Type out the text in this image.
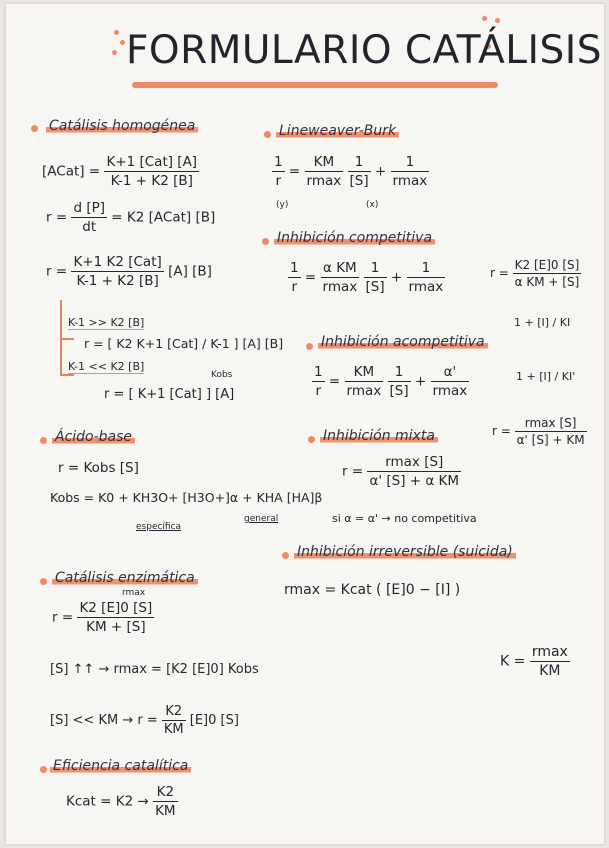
FORMULARIO CATÁLISIS
Catálisis homogénea
[ACat] = $\frac{\text{K+1 [Cat] [A]}}{K-1 + K2 [B]}$
$r = \frac{d [P]}{dt} = K2$ [ACat] [B]
$r = \frac{\text{K+1 K2 [Cat]}}{K-1 + K2 [B]} [A]$ [B]
K-1 >> K2 [B]
r = [ K2 K+1 [Cat] / K-1 ] [A] [B]
K-1 << K2 [B]
Kobs
r = [ K+1 [Cat] ] [A]
Ácido-base
r = Kobs [S]
Kobs = K0 + KH3O+ [H3O+]α + KHA [HA]β
específica
general
Catálisis enzimática
rmax
$r = \frac{K2 [E]0 [S]}{KM + [S]}$
[S] ↑↑ → rmax = [K2 [E]0] Kobs
[S] << KM → $r = \frac{K2}{KM} [E]0$ [S]
Eficiencia catalítica
Kcat = $K2 \to \frac{K2}{KM}$
Lineweaver-Burk
$\frac{1}{r} = \frac{KM}{rmax}$
$\frac{1}{[S]} + \frac{1}{rmax}$
(y)	(x)
Inhibición competitiva
$\frac{1}{r} = \frac{\text{α KM}}{rmax}$
$\frac{1}{[S]} + \frac{1}{rmax}$	$r = \frac{K2 [E]0 [S]}{\text{α KM + [S]}}$
1 + [I] / KI
Inhibición acompetitiva
$\frac{1}{r} = \frac{KM}{rmax}$
$\frac{1}{[S]} + \frac{\alpha'}{rmax}$	1 + [I] / KI'
Inhibición mixta
$r = \frac{rmax [S]}{\text{α' [S] + α KM}}$
$r = \frac{rmax [S]}{\alpha' [S] + KM}$
si α = α' → no competitiva
Inhibición irreversible (suicida)
rmax = Kcat ( [E]0 − [I] )
$K = \frac{rmax}{KM}$
